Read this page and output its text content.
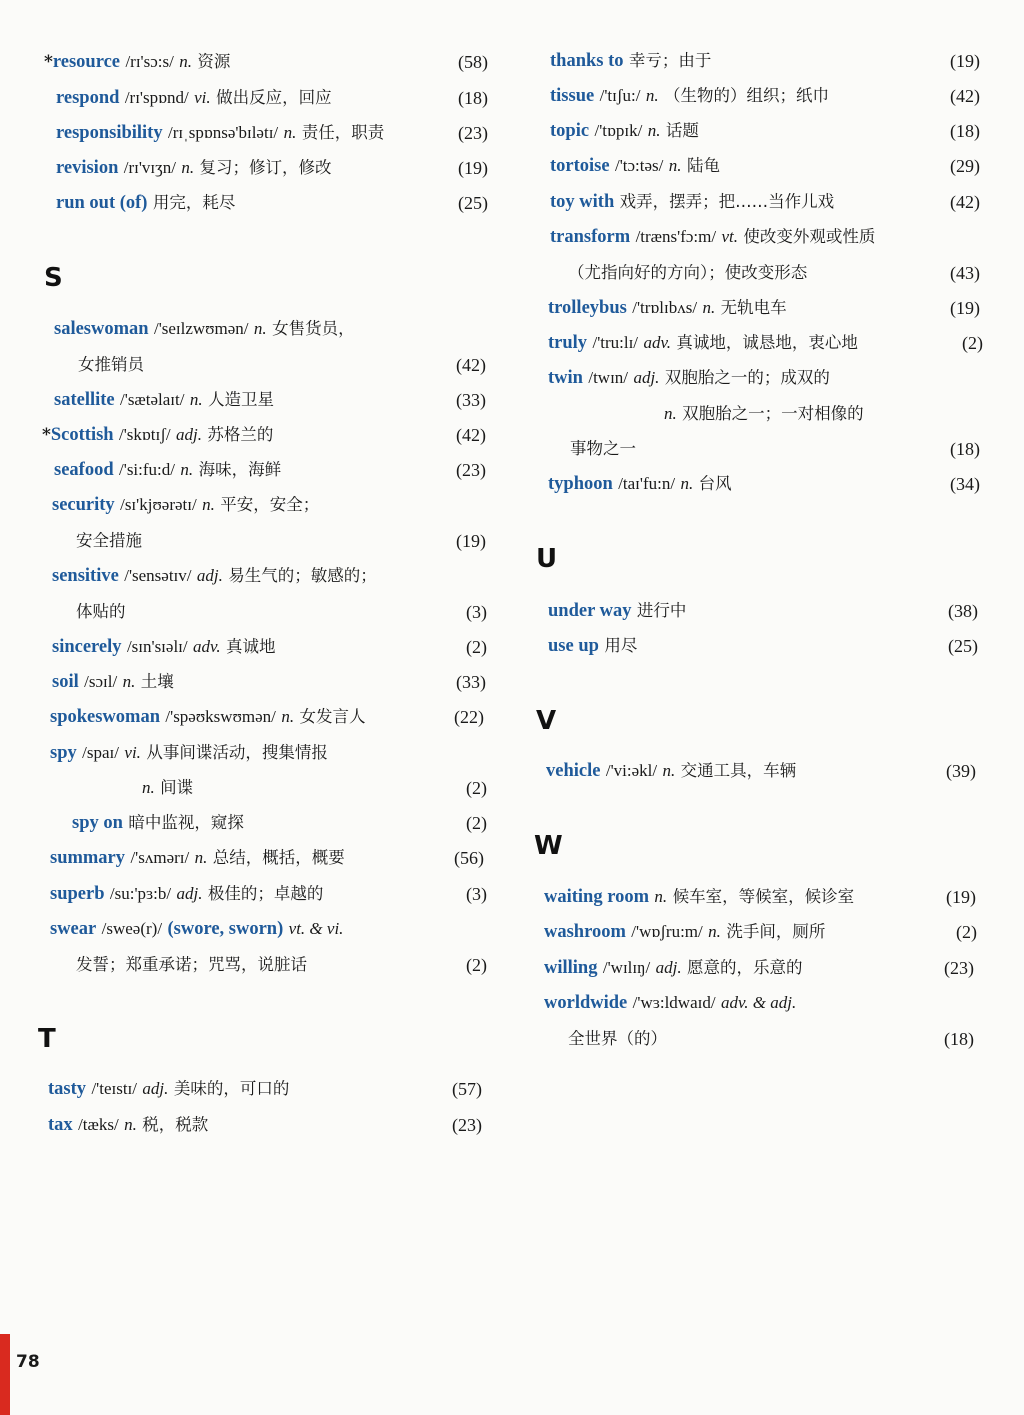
*resource /rɪ'sɔ:s/ n. 资源	(58)
respond /rɪ'spɒnd/ vi. 做出反应，回应	(18)
responsibility /rɪˌspɒnsə'bɪlətɪ/ n. 责任，职责	(23)
revision /rɪ'vɪʒn/ n. 复习；修订，修改	(19)
run out (of) 用完，耗尽	(25)
S
saleswoman /'seɪlzwʊmən/ n. 女售货员，
女推销员	(42)
satellite /'sætəlaɪt/ n. 人造卫星	(33)
*Scottish /'skɒtɪʃ/ adj. 苏格兰的	(42)
seafood /'si:fu:d/ n. 海味，海鲜	(23)
security /sɪ'kjʊərətɪ/ n. 平安，安全；
安全措施	(19)
sensitive /'sensətɪv/ adj. 易生气的；敏感的；
体贴的	(3)
sincerely /sɪn'sɪəlɪ/ adv. 真诚地	(2)
soil /sɔɪl/ n. 土壤	(33)
spokeswoman /'spəʊkswʊmən/ n. 女发言人	(22)
spy /spaɪ/ vi. 从事间谍活动，搜集情报
n. 间谍	(2)
spy on 暗中监视，窥探	(2)
summary /'sʌmərɪ/ n. 总结，概括，概要	(56)
superb /su:'pɜ:b/ adj. 极佳的；卓越的	(3)
swear /sweə(r)/ (swore, sworn) vt. & vi.
发誓；郑重承诺；咒骂，说脏话	(2)
T
tasty /'teɪstɪ/ adj. 美味的，可口的	(57)
tax /tæks/ n. 税，税款	(23)
thanks to 幸亏；由于	(19)
tissue /'tɪʃu:/ n. （生物的）组织；纸巾	(42)
topic /'tɒpɪk/ n. 话题	(18)
tortoise /'tɔ:təs/ n. 陆龟	(29)
toy with 戏弄，摆弄；把……当作儿戏	(42)
transform /træns'fɔ:m/ vt. 使改变外观或性质
（尤指向好的方向）；使改变形态	(43)
trolleybus /'trɒlɪbʌs/ n. 无轨电车	(19)
truly /'tru:lɪ/ adv. 真诚地，诚恳地，衷心地	(2)
twin /twɪn/ adj. 双胞胎之一的；成双的
n. 双胞胎之一；一对相像的
事物之一	(18)
typhoon /taɪ'fu:n/ n. 台风	(34)
U
under way 进行中	(38)
use up 用尽	(25)
V
vehicle /'vi:əkl/ n. 交通工具，车辆	(39)
W
waiting room n. 候车室，等候室，候诊室	(19)
washroom /'wɒʃru:m/ n. 洗手间，厕所	(2)
willing /'wɪlɪŋ/ adj. 愿意的，乐意的	(23)
worldwide /'wɜ:ldwaɪd/ adv. & adj.
全世界（的）	(18)
78
